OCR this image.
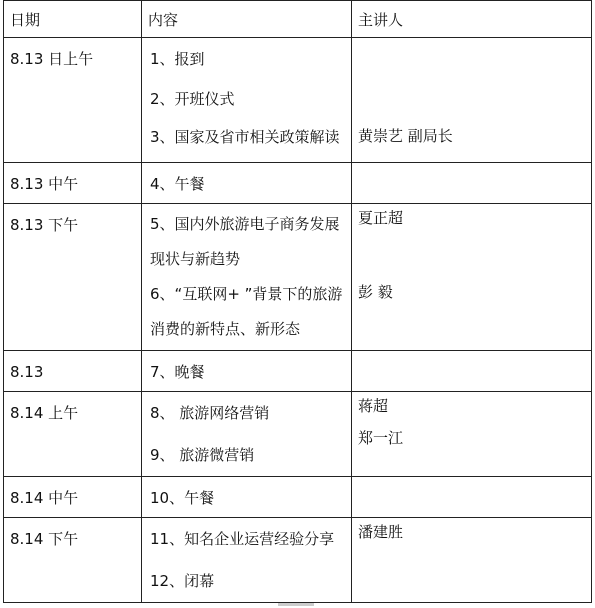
日期	内容	主讲人

8.13 日上午	1、报到
2、开班仪式
3、国家及省市相关政策解读	黄崇艺 副局长

8.13 中午	4、午餐	

8.13 下午	5、国内外旅游电子商务发展
现状与新趋势
6、“互联网+ ”背景下的旅游
消费的新特点、新形态	夏正超
彭 毅

8.13	7、晚餐	

8.14 上午	8、 旅游网络营销
9、 旅游微营销	蒋超
郑一江

8.14 中午	10、午餐	

8.14 下午	11、知名企业运营经验分享
12、闭幕	潘建胜
